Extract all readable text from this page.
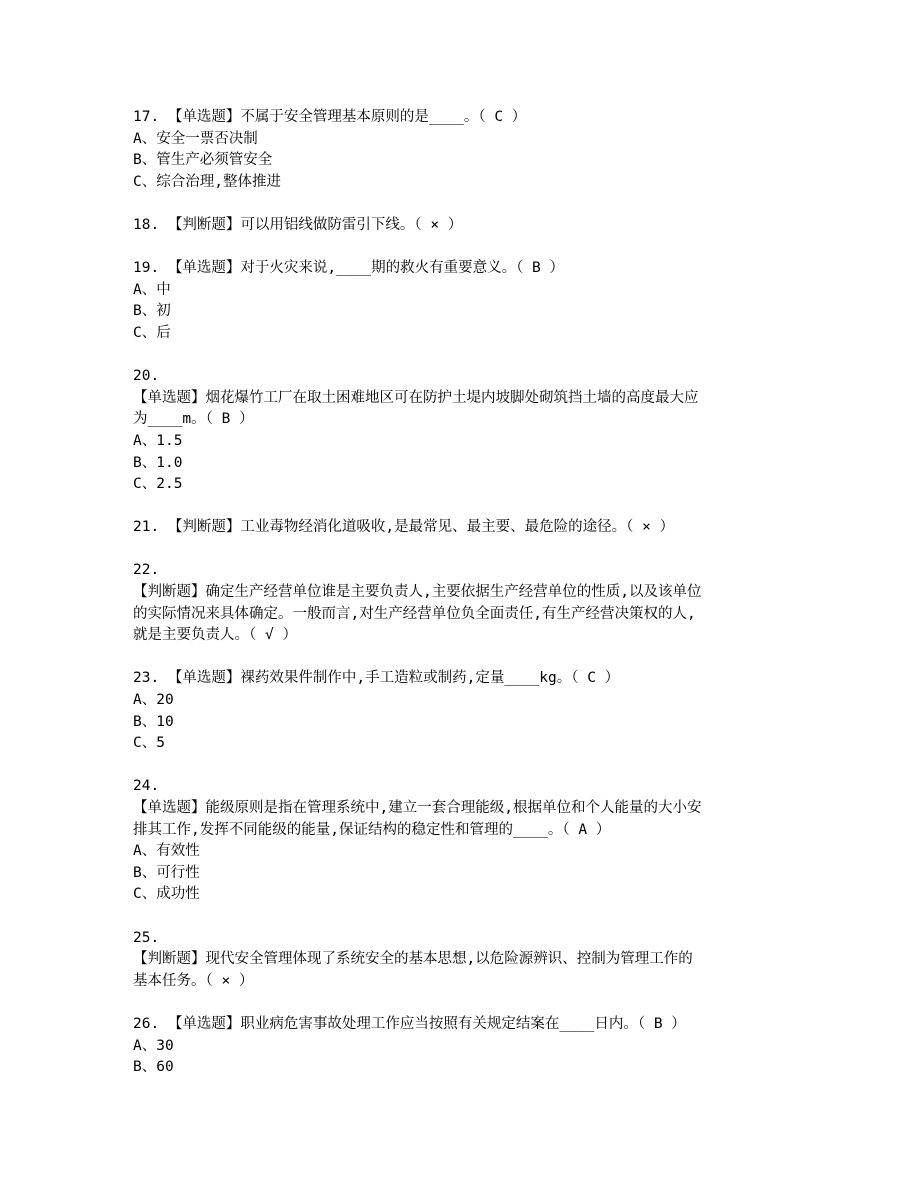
17. 【单选题】不属于安全管理基本原则的是____。（ C ）
A、安全一票否决制
B、管生产必须管安全
C、综合治理,整体推进
18. 【判断题】可以用铝线做防雷引下线。（ × ）
19. 【单选题】对于火灾来说,____期的救火有重要意义。（ B ）
A、中
B、初
C、后
20.
【单选题】烟花爆竹工厂在取土困难地区可在防护土堤内坡脚处砌筑挡土墙的高度最大应
为____m。（ B ）
A、1.5
B、1.0
C、2.5
21. 【判断题】工业毒物经消化道吸收,是最常见、最主要、最危险的途径。（ × ）
22.
【判断题】确定生产经营单位谁是主要负责人,主要依据生产经营单位的性质,以及该单位
的实际情况来具体确定。一般而言,对生产经营单位负全面责任,有生产经营决策权的人,
就是主要负责人。（ √ ）
23. 【单选题】裸药效果件制作中,手工造粒或制药,定量____kg。（ C ）
A、20
B、10
C、5
24.
【单选题】能级原则是指在管理系统中,建立一套合理能级,根据单位和个人能量的大小安
排其工作,发挥不同能级的能量,保证结构的稳定性和管理的____。（ A ）
A、有效性
B、可行性
C、成功性
25.
【判断题】现代安全管理体现了系统安全的基本思想,以危险源辨识、控制为管理工作的
基本任务。（ × ）
26. 【单选题】职业病危害事故处理工作应当按照有关规定结案在____日内。（ B ）
A、30
B、60
